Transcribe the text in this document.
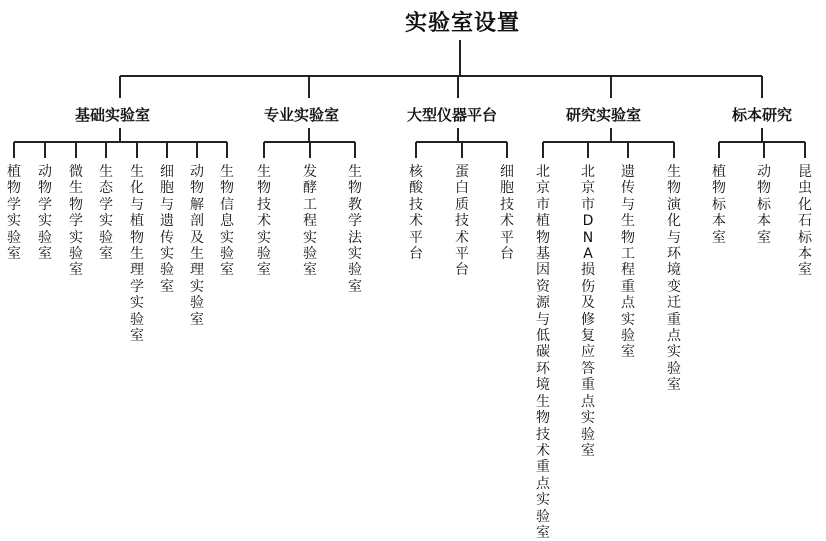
实验室设置
基础实验室	专业实验室	大型仪器平台	研究实验室	标本研究
植物学实验室
动物学实验室
微生物学实验室
生态学实验室
生化与植物生理学实验室
细胞与遗传实验室
动物解剖及生理实验室
生物信息实验室
生物技术实验室
发酵工程实验室
生物教学法实验室
核酸技术平台
蛋白质技术平台
细胞技术平台
北京市植物基因资源与低碳环境生物技术重点实验室
北京市DNA损伤及修复应答重点实验室
遗传与生物工程重点实验室
生物演化与环境变迁重点实验室
植物标本室
动物标本室
昆虫化石标本室
